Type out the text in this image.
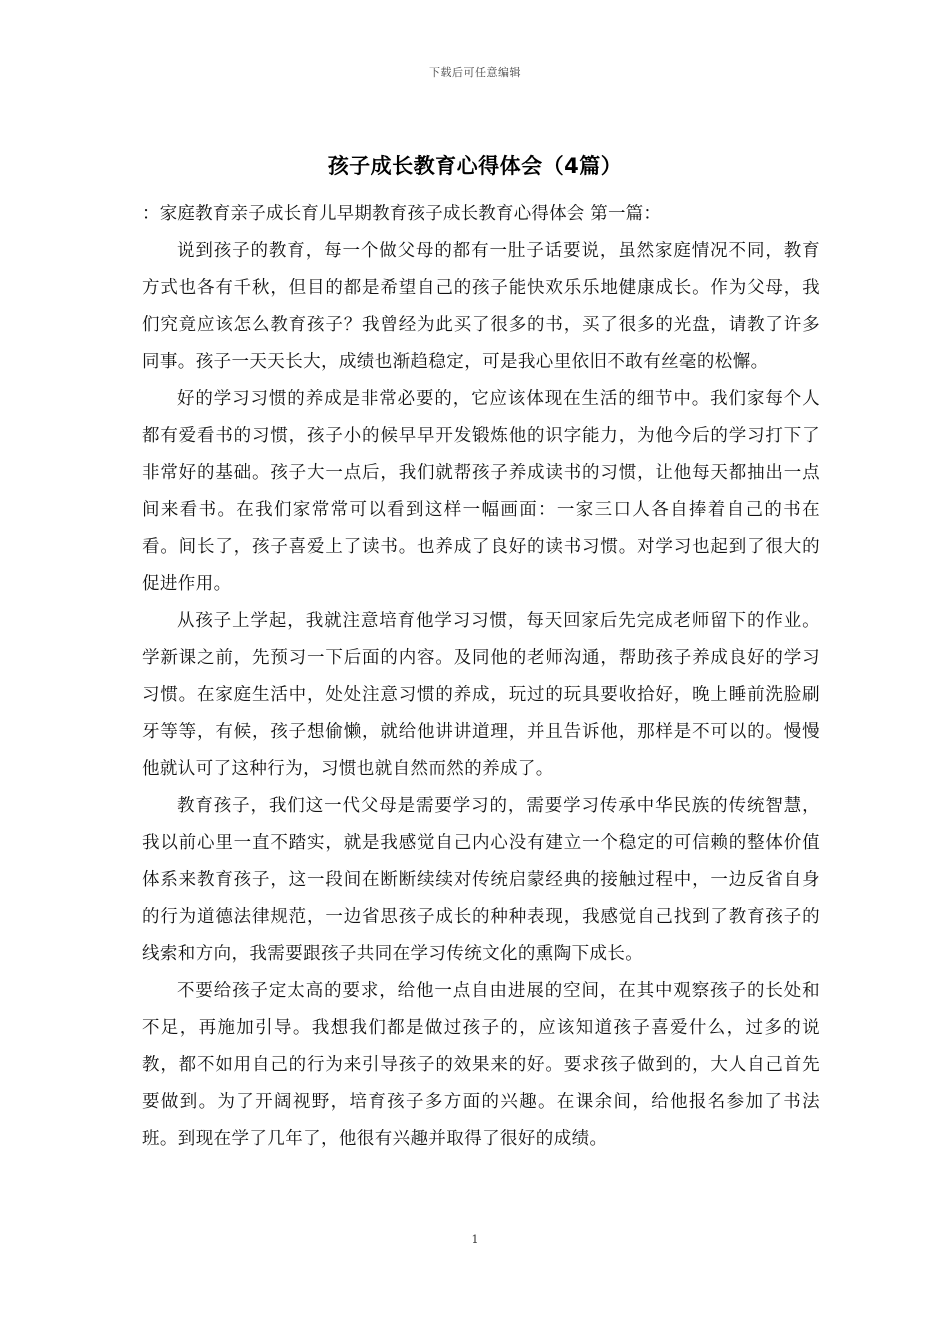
下载后可任意编辑
孩子成长教育心得体会（4篇）

：家庭教育亲子成长育儿早期教育孩子成长教育心得体会 第一篇：

说到孩子的教育，每一个做父母的都有一肚子话要说，虽然家庭情况不同，教育方式也各有千秋，但目的都是希望自己的孩子能快欢乐乐地健康成长。作为父母，我们究竟应该怎么教育孩子？我曾经为此买了很多的书，买了很多的光盘，请教了许多同事。孩子一天天长大，成绩也渐趋稳定，可是我心里依旧不敢有丝毫的松懈。

好的学习习惯的养成是非常必要的，它应该体现在生活的细节中。我们家每个人都有爱看书的习惯，孩子小的候早早开发锻炼他的识字能力，为他今后的学习打下了非常好的基础。孩子大一点后，我们就帮孩子养成读书的习惯，让他每天都抽出一点间来看书。在我们家常常可以看到这样一幅画面：一家三口人各自捧着自己的书在看。间长了，孩子喜爱上了读书。也养成了良好的读书习惯。对学习也起到了很大的促进作用。

从孩子上学起，我就注意培育他学习习惯，每天回家后先完成老师留下的作业。学新课之前，先预习一下后面的内容。及同他的老师沟通，帮助孩子养成良好的学习习惯。在家庭生活中，处处注意习惯的养成，玩过的玩具要收拾好，晚上睡前洗脸刷牙等等，有候，孩子想偷懒，就给他讲讲道理，并且告诉他，那样是不可以的。慢慢他就认可了这种行为，习惯也就自然而然的养成了。

教育孩子，我们这一代父母是需要学习的，需要学习传承中华民族的传统智慧，我以前心里一直不踏实，就是我感觉自己内心没有建立一个稳定的可信赖的整体价值体系来教育孩子，这一段间在断断续续对传统启蒙经典的接触过程中，一边反省自身的行为道德法律规范，一边省思孩子成长的种种表现，我感觉自己找到了教育孩子的线索和方向，我需要跟孩子共同在学习传统文化的熏陶下成长。

不要给孩子定太高的要求，给他一点自由进展的空间，在其中观察孩子的长处和不足，再施加引导。我想我们都是做过孩子的，应该知道孩子喜爱什么，过多的说教，都不如用自己的行为来引导孩子的效果来的好。要求孩子做到的，大人自己首先要做到。为了开阔视野，培育孩子多方面的兴趣。在课余间，给他报名参加了书法班。到现在学了几年了，他很有兴趣并取得了很好的成绩。

1
